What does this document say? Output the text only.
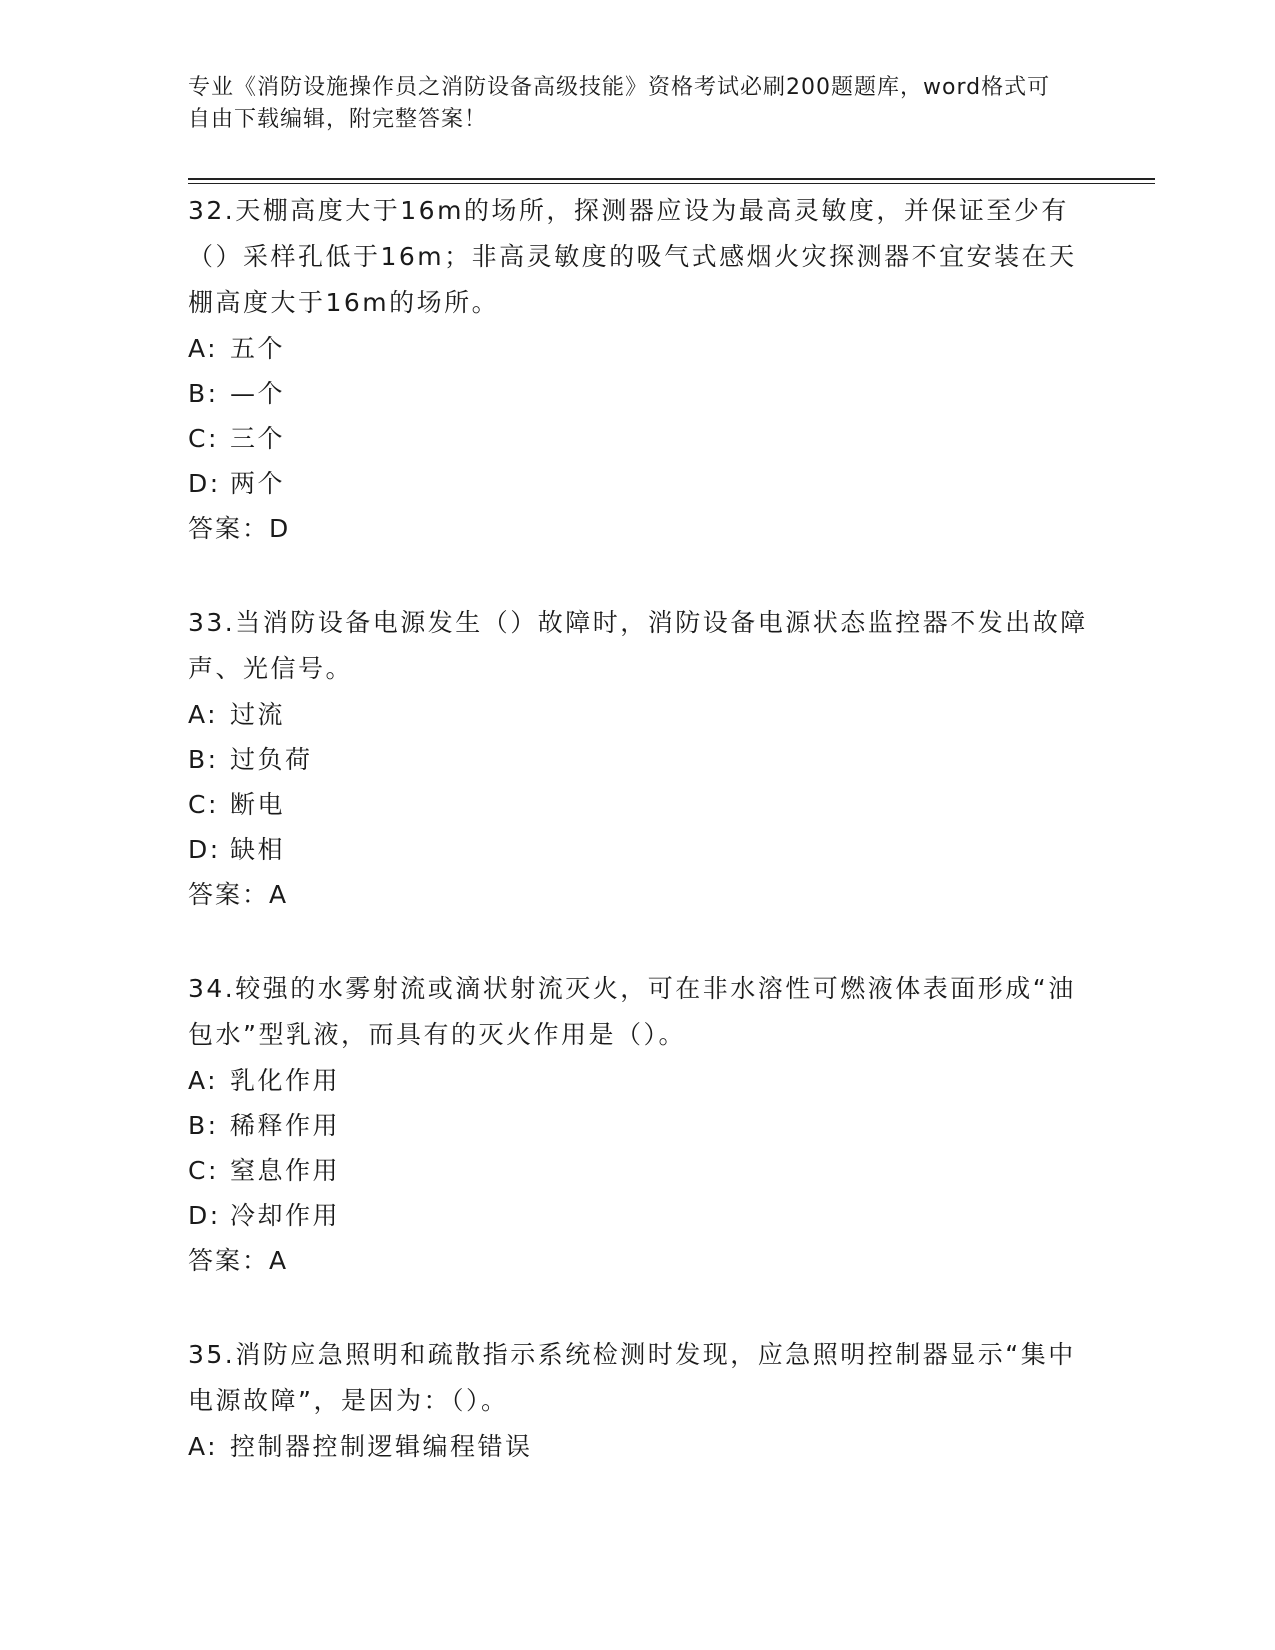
专业《消防设施操作员之消防设备高级技能》资格考试必刷200题题库，word格式可自由下载编辑，附完整答案！

32.天棚高度大于16m的场所，探测器应设为最高灵敏度，并保证至少有（）采样孔低于16m；非高灵敏度的吸气式感烟火灾探测器不宜安装在天棚高度大于16m的场所。

A: 五个

B: —个

C: 三个

D: 两个

答案：D

33.当消防设备电源发生（）故障时，消防设备电源状态监控器不发出故障声、光信号。

A: 过流

B: 过负荷

C: 断电

D: 缺相

答案：A

34.较强的水雾射流或滴状射流灭火，可在非水溶性可燃液体表面形成“油包水”型乳液，而具有的灭火作用是（）。

A: 乳化作用

B: 稀释作用

C: 窒息作用

D: 冷却作用

答案：A

35.消防应急照明和疏散指示系统检测时发现，应急照明控制器显示“集中电源故障”，是因为：（）。

A: 控制器控制逻辑编程错误
